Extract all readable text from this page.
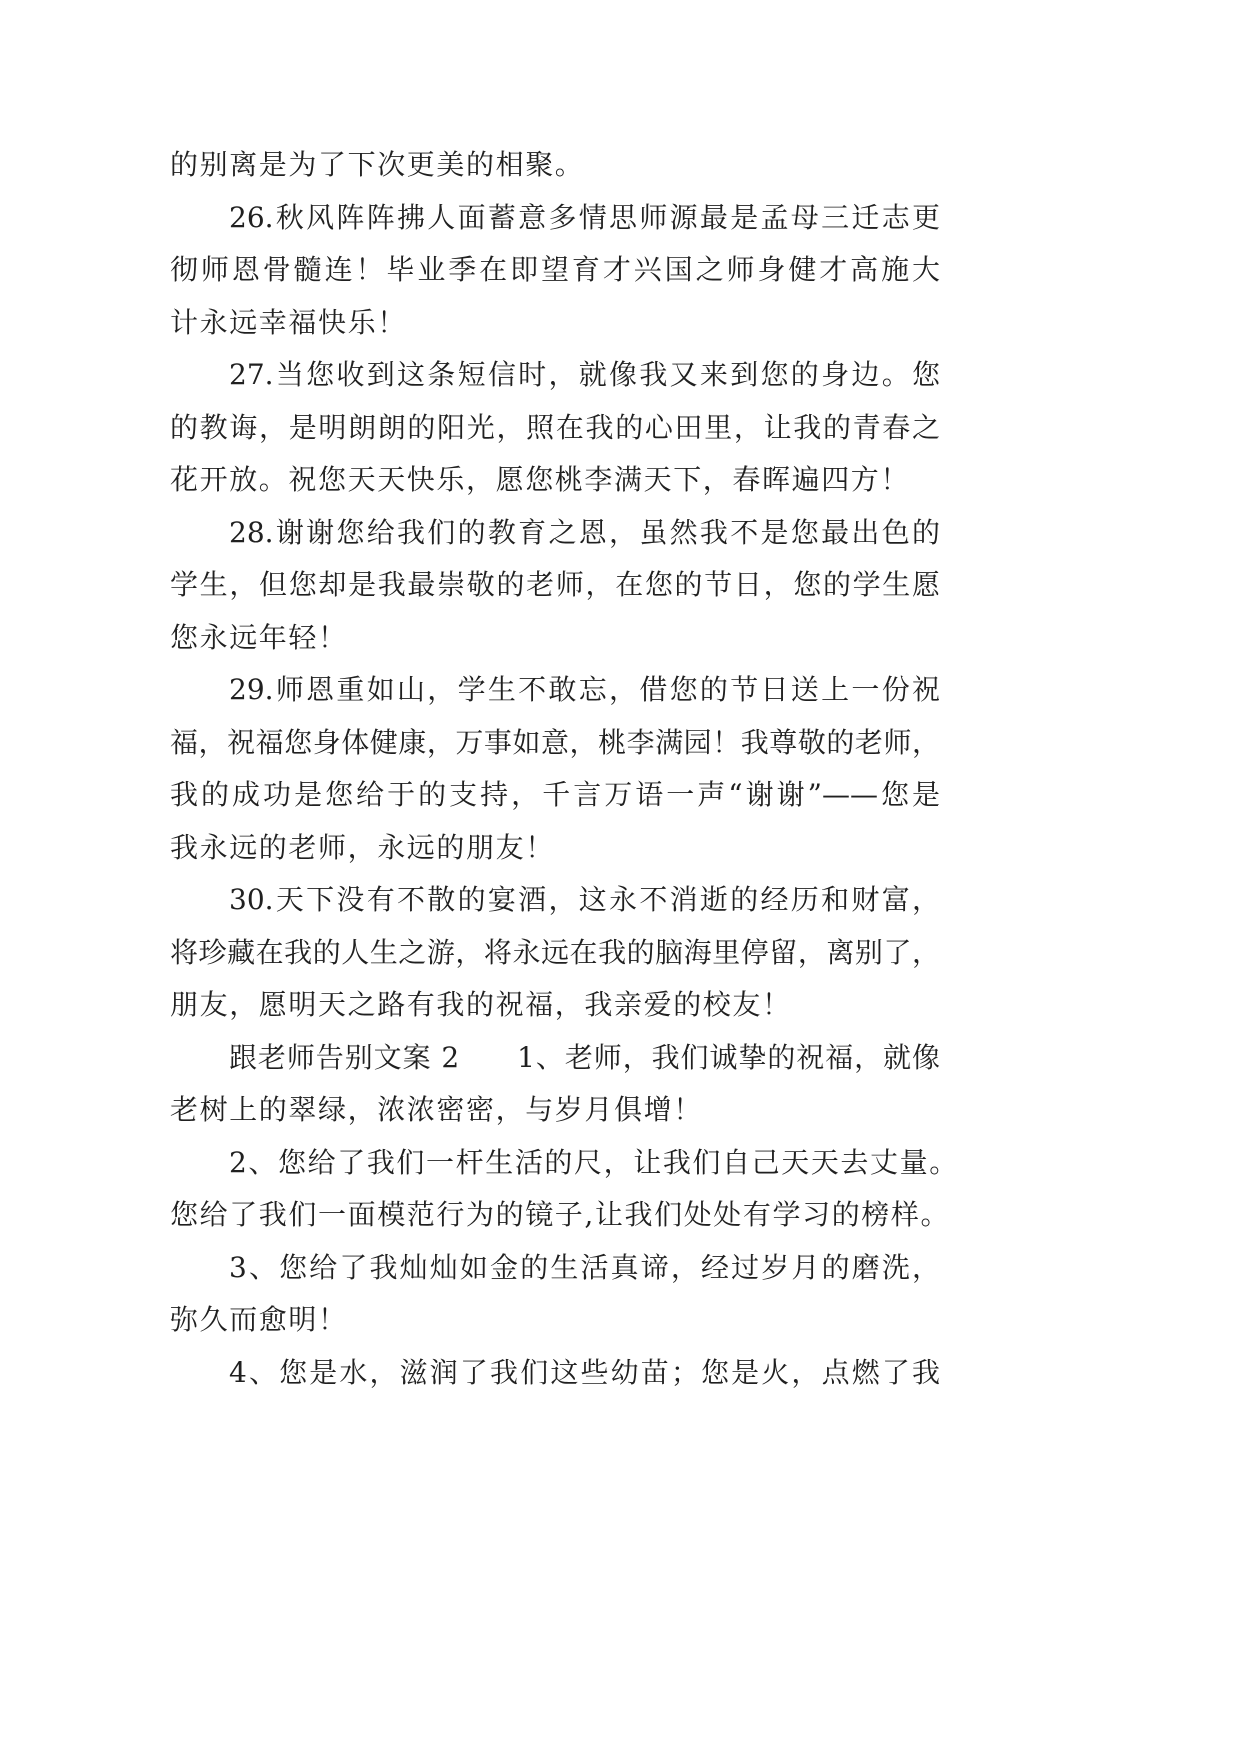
的别离是为了下次更美的相聚。
26.秋风阵阵拂人面蓄意多情思师源最是孟母三迁志更
彻师恩骨髓连！毕业季在即望育才兴国之师身健才高施大
计永远幸福快乐！
27.当您收到这条短信时，就像我又来到您的身边。您
的教诲，是明朗朗的阳光，照在我的心田里，让我的青春之
花开放。祝您天天快乐，愿您桃李满天下，春晖遍四方！
28.谢谢您给我们的教育之恩，虽然我不是您最出色的
学生，但您却是我最崇敬的老师，在您的节日，您的学生愿
您永远年轻！
29.师恩重如山，学生不敢忘，借您的节日送上一份祝
福，祝福您身体健康，万事如意，桃李满园！我尊敬的老师，
我的成功是您给于的支持，千言万语一声“谢谢”——您是
我永远的老师，永远的朋友！
30.天下没有不散的宴酒，这永不消逝的经历和财富，
将珍藏在我的人生之游，将永远在我的脑海里停留，离别了，
朋友，愿明天之路有我的祝福，我亲爱的校友！
跟老师告别文案 2 1、老师，我们诚挚的祝福，就像
老树上的翠绿，浓浓密密，与岁月俱增！
2、您给了我们一杆生活的尺，让我们自己天天去丈量。
您给了我们一面模范行为的镜子,让我们处处有学习的榜样。
3、您给了我灿灿如金的生活真谛，经过岁月的磨洗，
弥久而愈明！
4、您是水，滋润了我们这些幼苗；您是火，点燃了我
